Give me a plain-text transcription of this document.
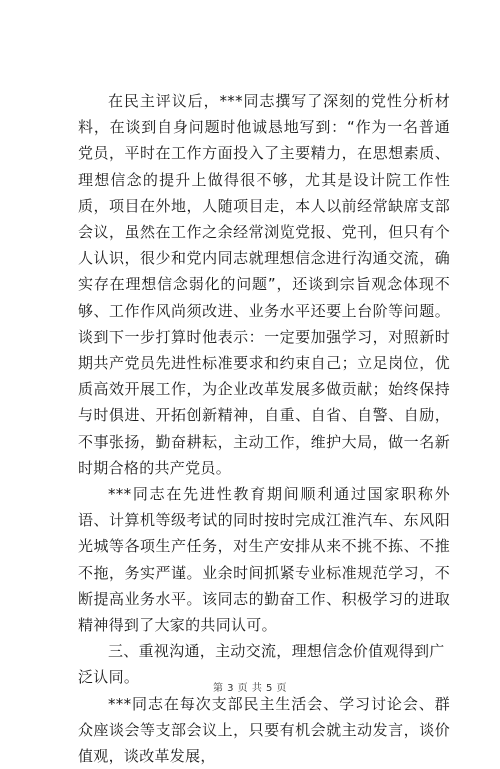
在民主评议后，***同志撰写了深刻的党性分析材料，在谈到自身问题时他诚恳地写到：“作为一名普通党员，平时在工作方面投入了主要精力，在思想素质、理想信念的提升上做得很不够，尤其是设计院工作性质，项目在外地，人随项目走，本人以前经常缺席支部会议，虽然在工作之余经常浏览党报、党刊，但只有个人认识，很少和党内同志就理想信念进行沟通交流，确实存在理想信念弱化的问题”，还谈到宗旨观念体现不够、工作作风尚须改进、业务水平还要上台阶等问题。谈到下一步打算时他表示：一定要加强学习，对照新时期共产党员先进性标准要求和约束自己；立足岗位，优质高效开展工作，为企业改革发展多做贡献；始终保持与时俱进、开拓创新精神，自重、自省、自警、自励，不事张扬，勤奋耕耘，主动工作，维护大局，做一名新时期合格的共产党员。

***同志在先进性教育期间顺利通过国家职称外语、计算机等级考试的同时按时完成江淮汽车、东风阳光城等各项生产任务，对生产安排从来不挑不拣、不推不拖，务实严谨。业余时间抓紧专业标准规范学习，不断提高业务水平。该同志的勤奋工作、积极学习的进取精神得到了大家的共同认可。

三、重视沟通，主动交流，理想信念价值观得到广泛认同。

***同志在每次支部民主生活会、学习讨论会、群众座谈会等支部会议上，只要有机会就主动发言，谈价值观，谈改革发展，

第 3 页 共 5 页
